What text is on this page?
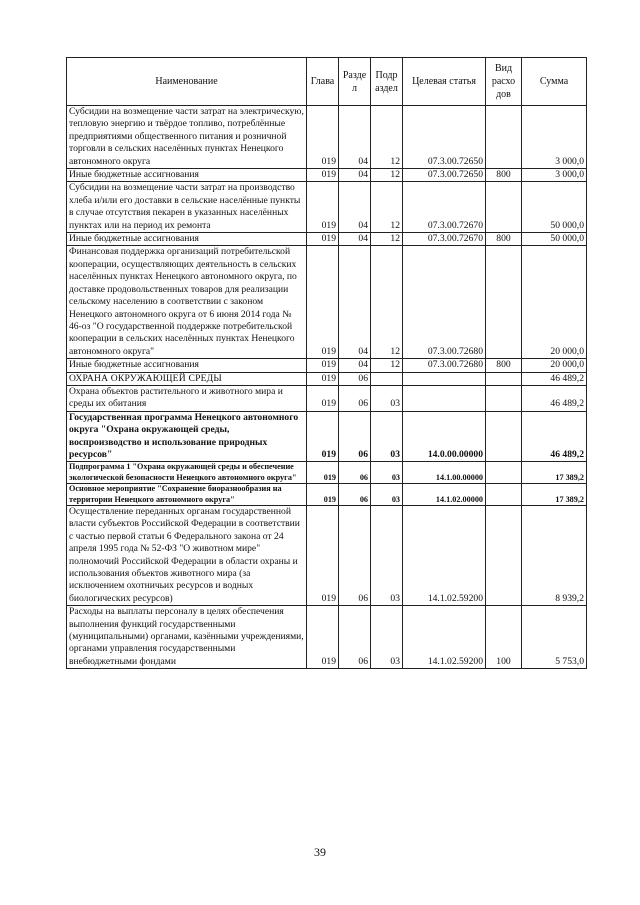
Наименование	Глава	Разде л	Подр аздел	Целевая статья	Вид расхо дов	Сумма
Субсидии на возмещение части затрат на электрическую, тепловую энергию и твёрдое топливо, потреблённые предприятиями общественного питания и розничной торговли в сельских населённых пунктах Ненецкого автономного округа	019	04	12	07.3.00.72650		3 000,0
Иные бюджетные ассигнования	019	04	12	07.3.00.72650	800	3 000,0
Субсидии на возмещение части затрат на производство хлеба и/или его доставки в сельские населённые пункты в случае отсутствия пекарен в указанных населённых пунктах или на период их ремонта	019	04	12	07.3.00.72670		50 000,0
Иные бюджетные ассигнования	019	04	12	07.3.00.72670	800	50 000,0
Финансовая поддержка организаций потребительской кооперации, осуществляющих деятельность в сельских населённых пунктах Ненецкого автономного округа, по доставке продовольственных товаров для реализации сельскому населению в соответствии с законом Ненецкого автономного округа от 6 июня 2014 года № 46-оз "О государственной поддержке потребительской кооперации в сельских населённых пунктах Ненецкого автономного округа"	019	04	12	07.3.00.72680		20 000,0
Иные бюджетные ассигнования	019	04	12	07.3.00.72680	800	20 000,0
ОХРАНА ОКРУЖАЮЩЕЙ СРЕДЫ	019	06				46 489,2
Охрана объектов растительного и животного мира и среды их обитания	019	06	03			46 489,2
Государственная программа Ненецкого автономного округа "Охрана окружающей среды, воспроизводство и использование природных ресурсов"	019	06	03	14.0.00.00000		46 489,2
Подпрограмма 1 "Охрана окружающей среды и обеспечение экологической безопасности Ненецкого автономного округа"	019	06	03	14.1.00.00000		17 389,2
Основное мероприятие "Сохранение биоразнообразия на территории Ненецкого автономного округа"	019	06	03	14.1.02.00000		17 389,2
Осуществление переданных органам государственной власти субъектов Российской Федерации в соответствии с частью первой статьи 6 Федерального закона от 24 апреля 1995 года № 52-ФЗ "О животном мире" полномочий Российской Федерации в области охраны и использования объектов животного мира (за исключением охотничьих ресурсов и водных биологических ресурсов)	019	06	03	14.1.02.59200		8 939,2
Расходы на выплаты персоналу в целях обеспечения выполнения функций государственными (муниципальными) органами, казёнными учреждениями, органами управления государственными внебюджетными фондами	019	06	03	14.1.02.59200	100	5 753,0
39
